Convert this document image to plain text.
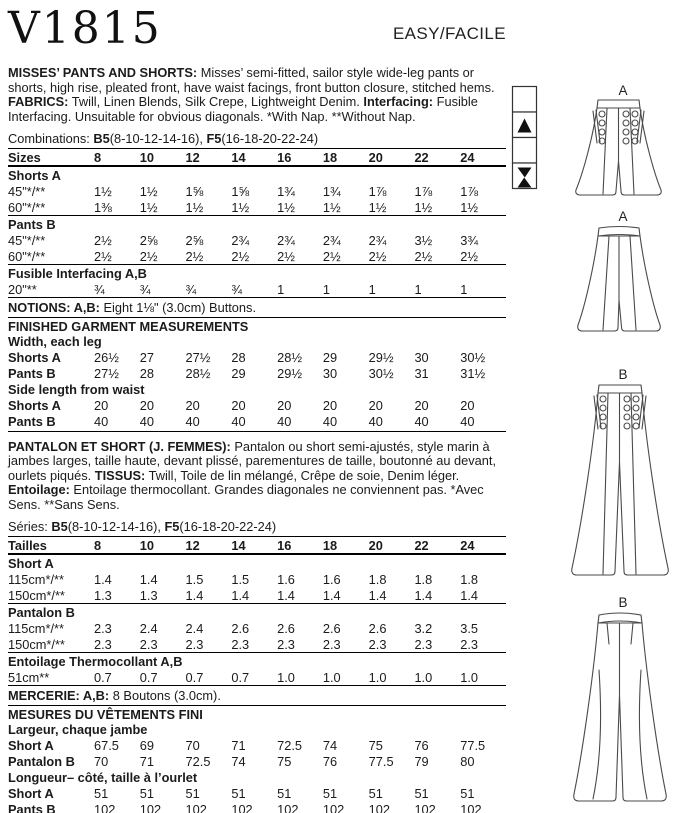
V1815	EASY/FACILE

MISSES’ PANTS AND SHORTS: Misses’ semi-fitted, sailor style wide-leg pants or shorts, high rise, pleated front, have waist facings, front button closure, stitched hems. FABRICS: Twill, Linen Blends, Silk Crepe, Lightweight Denim. Interfacing: Fusible Interfacing. Unsuitable for obvious diagonals. *With Nap. **Without Nap.

Combinations: B5(8-10-12-14-16), F5(16-18-20-22-24)
Sizes	8	10	12	14	16	18	20	22	24
Shorts A
45"*/**	1½	1½	1⅝	1⅝	1¾	1¾	1⅞	1⅞	1⅞
60"*/**	1⅜	1½	1½	1½	1½	1½	1½	1½	1½
Pants B
45"*/**	2½	2⅝	2⅝	2¾	2¾	2¾	2¾	3½	3¾
60"*/**	2½	2½	2½	2½	2½	2½	2½	2½	2½
Fusible Interfacing A,B
20"**	¾	¾	¾	¾	1	1	1	1	1
NOTIONS: A,B: Eight 1⅛" (3.0cm) Buttons.
FINISHED GARMENT MEASUREMENTS
Width, each leg
Shorts A	26½	27	27½	28	28½	29	29½	30	30½
Pants B	27½	28	28½	29	29½	30	30½	31	31½
Side length from waist
Shorts A	20	20	20	20	20	20	20	20	20
Pants B	40	40	40	40	40	40	40	40	40

PANTALON ET SHORT (J. FEMMES): Pantalon ou short semi-ajustés, style marin à jambes larges, taille haute, devant plissé, parementures de taille, boutonné au devant, ourlets piqués. TISSUS: Twill, Toile de lin mélangé, Crêpe de soie, Denim léger. Entoilage: Entoilage thermocollant. Grandes diagonales ne conviennent pas. *Avec Sens. **Sans Sens.

Séries: B5(8-10-12-14-16), F5(16-18-20-22-24)
Tailles	8	10	12	14	16	18	20	22	24
Short A
115cm*/**	1.4	1.4	1.5	1.5	1.6	1.6	1.8	1.8	1.8
150cm*/**	1.3	1.3	1.4	1.4	1.4	1.4	1.4	1.4	1.4
Pantalon B
115cm*/**	2.3	2.4	2.4	2.6	2.6	2.6	2.6	3.2	3.5
150cm*/**	2.3	2.3	2.3	2.3	2.3	2.3	2.3	2.3	2.3
Entoilage Thermocollant A,B
51cm**	0.7	0.7	0.7	0.7	1.0	1.0	1.0	1.0	1.0
MERCERIE: A,B: 8 Boutons (3.0cm).
MESURES DU VÊTEMENTS FINI
Largeur, chaque jambe
Short A	67.5	69	70	71	72.5	74	75	76	77.5
Pantalon B	70	71	72.5	74	75	76	77.5	79	80
Longueur– côté, taille à l’ourlet
Short A	51	51	51	51	51	51	51	51	51
Pants B	102	102	102	102	102	102	102	102	102
A
A
B
B
